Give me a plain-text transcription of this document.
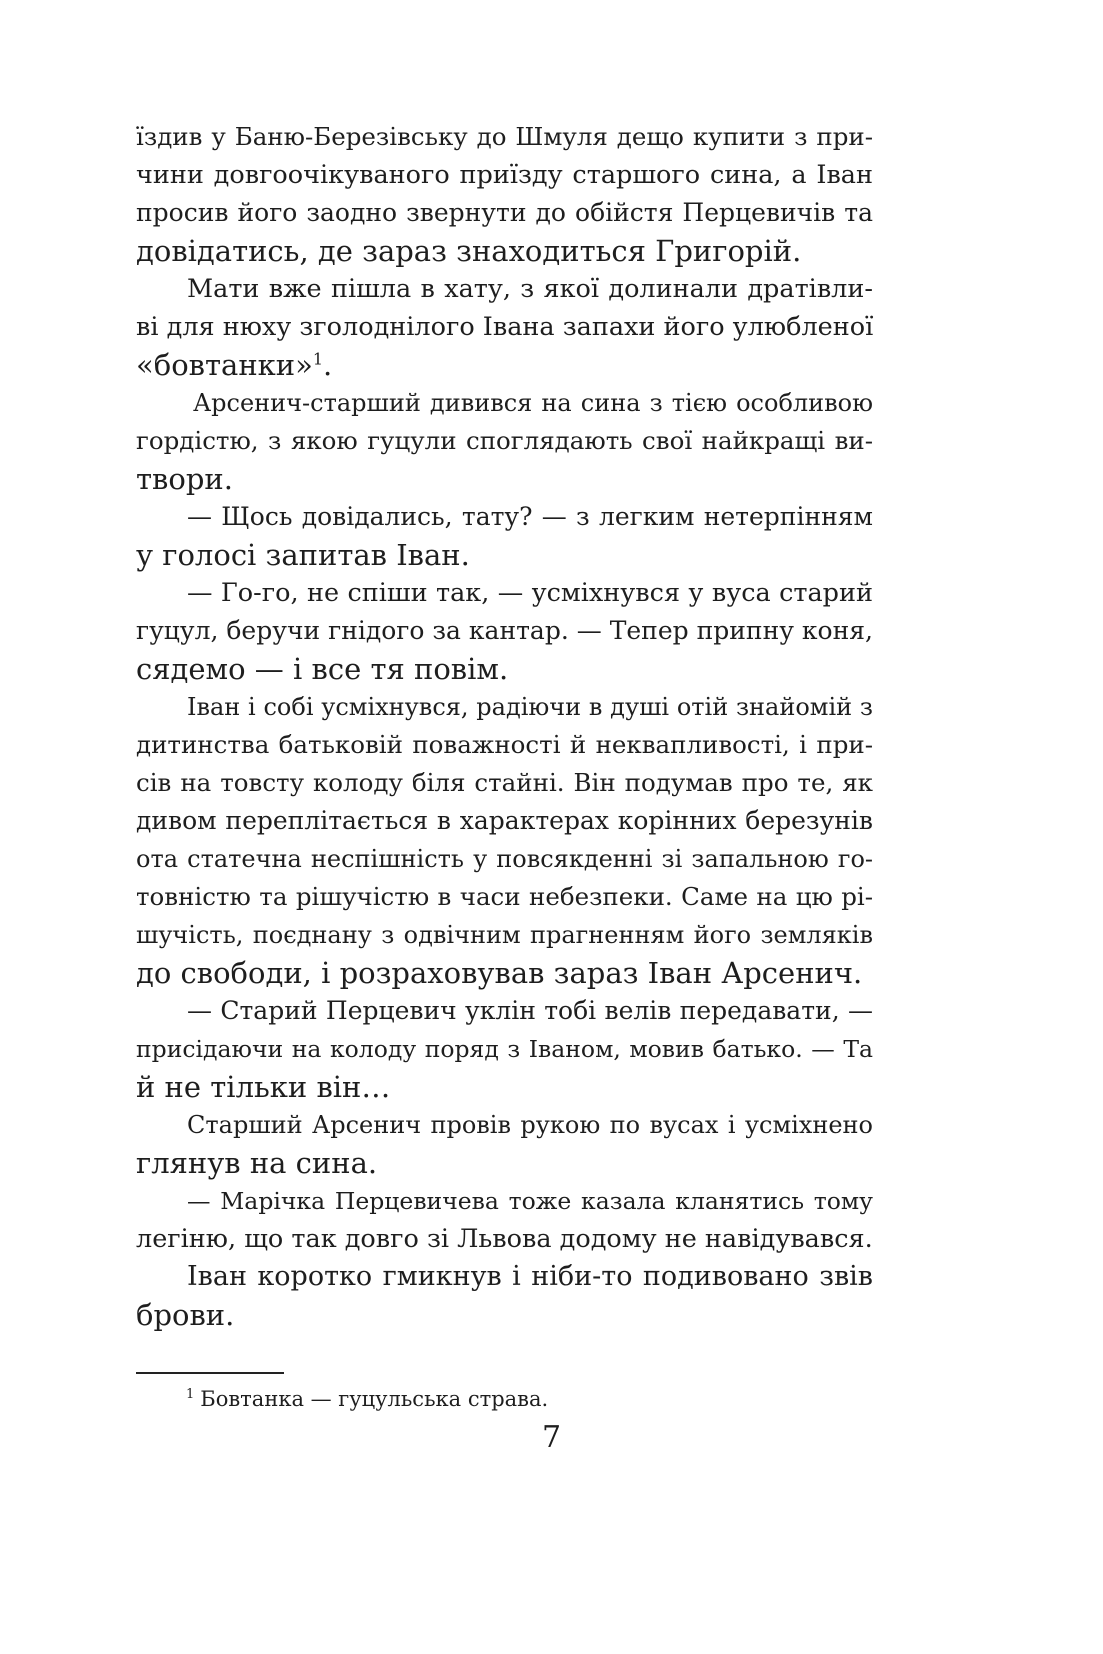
їздив у Баню-Березівську до Шмуля дещо купити з при-
чини довгоочікуваного приїзду старшого сина, а Іван
просив його заодно звернути до обійстя Перцевичів та
довідатись, де зараз знаходиться Григорій.
Мати вже пішла в хату, з якої долинали дратівли-
ві для нюху зголоднілого Івана запахи його улюбленої
«бовтанки»$^1$.
Арсенич-старший дивився на сина з тією особливою
гордістю, з якою гуцули споглядають свої найкращі ви-
твори.
— Щось довідались, тату? — з легким нетерпінням
у голосі запитав Іван.
— Го-го, не спіши так, — усміхнувся у вуса старий
гуцул, беручи гнідого за кантар. — Тепер припну коня,
сядемо — і все тя повім.
Іван і собі усміхнувся, радіючи в душі отій знайомій з
дитинства батьковій поважності й неквапливості, і при-
сів на товсту колоду біля стайні. Він подумав про те, як
дивом переплітається в характерах корінних березунів
ота статечна неспішність у повсякденні зі запальною го-
товністю та рішучістю в часи небезпеки. Саме на цю рі-
шучість, поєднану з одвічним прагненням його земляків
до свободи, і розраховував зараз Іван Арсенич.
— Старий Перцевич уклін тобі велів передавати, —
присідаючи на колоду поряд з Іваном, мовив батько. — Та
й не тільки він…
Старший Арсенич провів рукою по вусах і усміхнено
глянув на сина.
— Марічка Перцевичева тоже казала кланятись тому
легіню, що так довго зі Львова додому не навідувався.
Іван коротко гмикнув і ніби-то подивовано звів
брови.
$^1$ Бовтанка — гуцульська страва.
7
